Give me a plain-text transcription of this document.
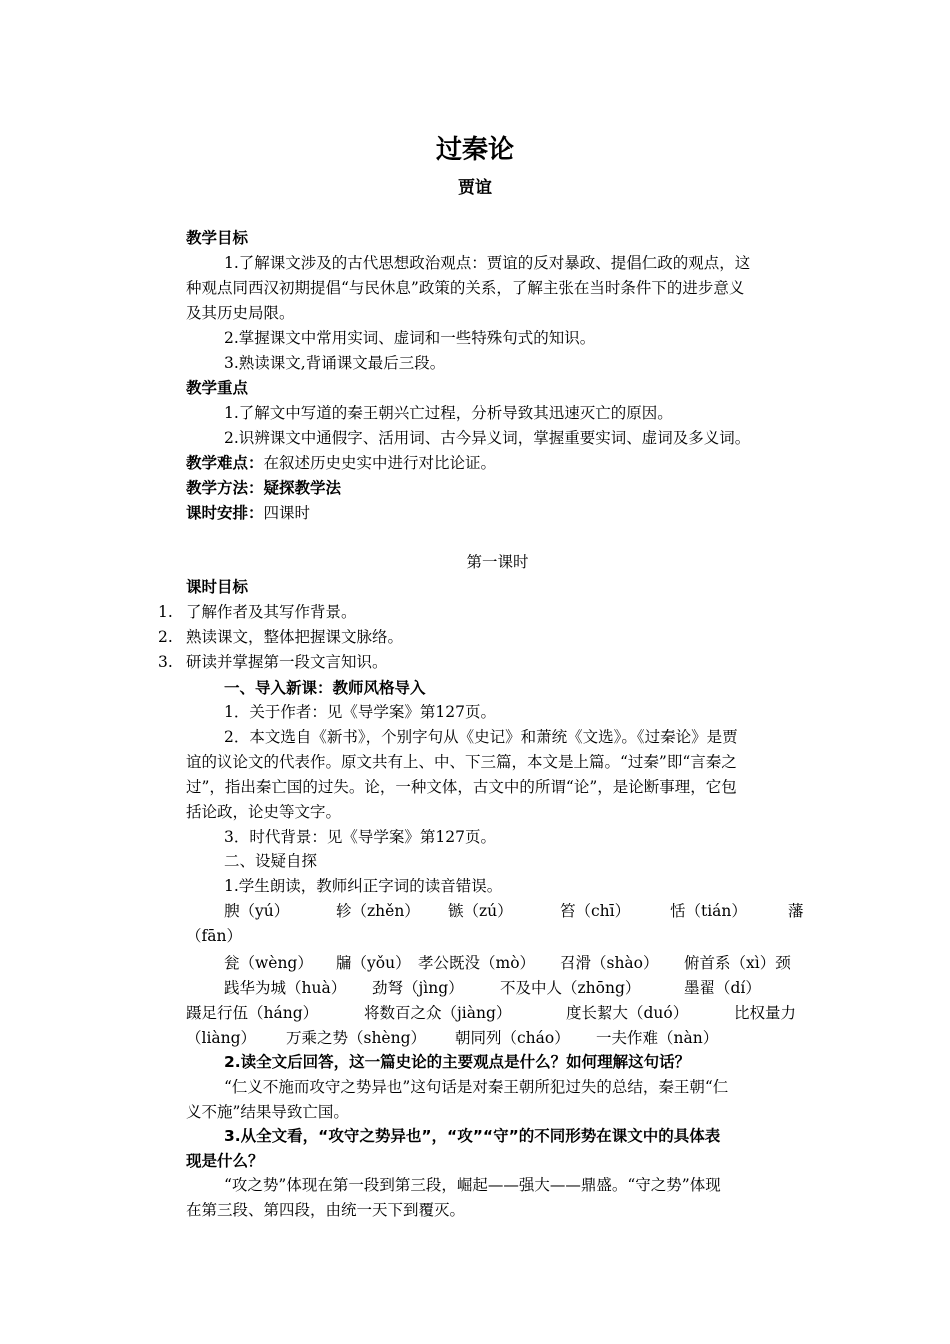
过秦论
贾谊
教学目标
1.了解课文涉及的古代思想政治观点：贾谊的反对暴政、提倡仁政的观点，这
种观点同西汉初期提倡“与民休息”政策的关系，了解主张在当时条件下的进步意义
及其历史局限。
2.掌握课文中常用实词、虚词和一些特殊句式的知识。
3.熟读课文,背诵课文最后三段。
教学重点
1.了解文中写道的秦王朝兴亡过程，分析导致其迅速灭亡的原因。
2.识辨课文中通假字、活用词、古今异义词，掌握重要实词、虚词及多义词。
教学难点：在叙述历史史实中进行对比论证。
教学方法：疑探教学法
课时安排：四课时
第一课时
课时目标
1. 了解作者及其写作背景。
2. 熟读课文，整体把握课文脉络。
3. 研读并掌握第一段文言知识。
一、导入新课：教师风格导入
1．关于作者：见《导学案》第127页。
2．本文选自《新书》，个别字句从《史记》和萧统《文选》。《过秦论》是贾
谊的议论文的代表作。原文共有上、中、下三篇，本文是上篇。“过秦”即“言秦之
过”，指出秦亡国的过失。论，一种文体，古文中的所谓“论”，是论断事理，它包
括论政，论史等文字。
3．时代背景：见《导学案》第127页。
二、设疑自探
1.学生朗读，教师纠正字词的读音错误。
腴（yú）	轸（zhěn） 镞（zú）	笞（chī）	恬（tián）	藩
（fān）
瓮（wèng） 牖（yǒu） 孝公既没（mò） 召滑（shào） 俯首系（xì）颈
践华为城（huà） 劲弩（jìng） 不及中人（zhōng）	墨翟（dí）
蹑足行伍（háng）	将数百之众（jiàng）	度长絜大（duó）	比权量力
（liàng） 万乘之势（shèng） 朝同列（cháo） 一夫作难（nàn）
2.读全文后回答，这一篇史论的主要观点是什么？如何理解这句话？
“仁义不施而攻守之势异也”这句话是对秦王朝所犯过失的总结，秦王朝“仁
义不施”结果导致亡国。
3.从全文看，“攻守之势异也”，“攻”“守”的不同形势在课文中的具体表
现是什么？
“攻之势”体现在第一段到第三段，崛起——强大——鼎盛。“守之势”体现
在第三段、第四段，由统一天下到覆灭。
